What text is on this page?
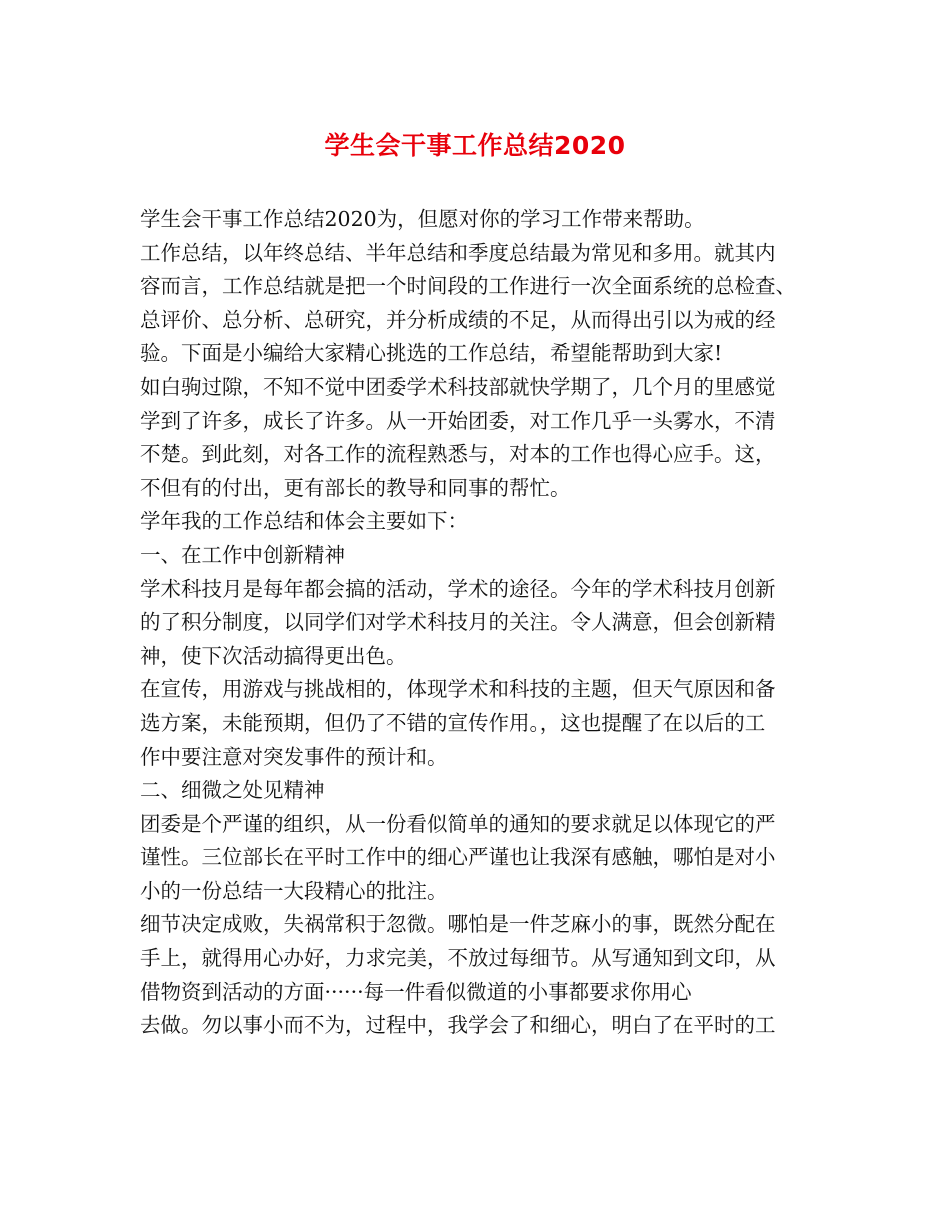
学生会干事工作总结2020
学生会干事工作总结2020为，但愿对你的学习工作带来帮助。
工作总结，以年终总结、半年总结和季度总结最为常见和多用。就其内
容而言，工作总结就是把一个时间段的工作进行一次全面系统的总检查、
总评价、总分析、总研究，并分析成绩的不足，从而得出引以为戒的经
验。下面是小编给大家精心挑选的工作总结，希望能帮助到大家!
如白驹过隙，不知不觉中团委学术科技部就快学期了，几个月的里感觉
学到了许多，成长了许多。从一开始团委，对工作几乎一头雾水，不清
不楚。到此刻，对各工作的流程熟悉与，对本的工作也得心应手。这，
不但有的付出，更有部长的教导和同事的帮忙。
学年我的工作总结和体会主要如下：
一、在工作中创新精神
学术科技月是每年都会搞的活动，学术的途径。今年的学术科技月创新
的了积分制度，以同学们对学术科技月的关注。令人满意，但会创新精
神，使下次活动搞得更出色。
在宣传，用游戏与挑战相的，体现学术和科技的主题，但天气原因和备
选方案，未能预期，但仍了不错的宣传作用。，这也提醒了在以后的工
作中要注意对突发事件的预计和。
二、细微之处见精神
团委是个严谨的组织，从一份看似简单的通知的要求就足以体现它的严
谨性。三位部长在平时工作中的细心严谨也让我深有感触，哪怕是对小
小的一份总结一大段精心的批注。
细节决定成败，失祸常积于忽微。哪怕是一件芝麻小的事，既然分配在
手上，就得用心办好，力求完美，不放过每细节。从写通知到文印，从
借物资到活动的方面······每一件看似微道的小事都要求你用心
去做。勿以事小而不为，过程中，我学会了和细心，明白了在平时的工
